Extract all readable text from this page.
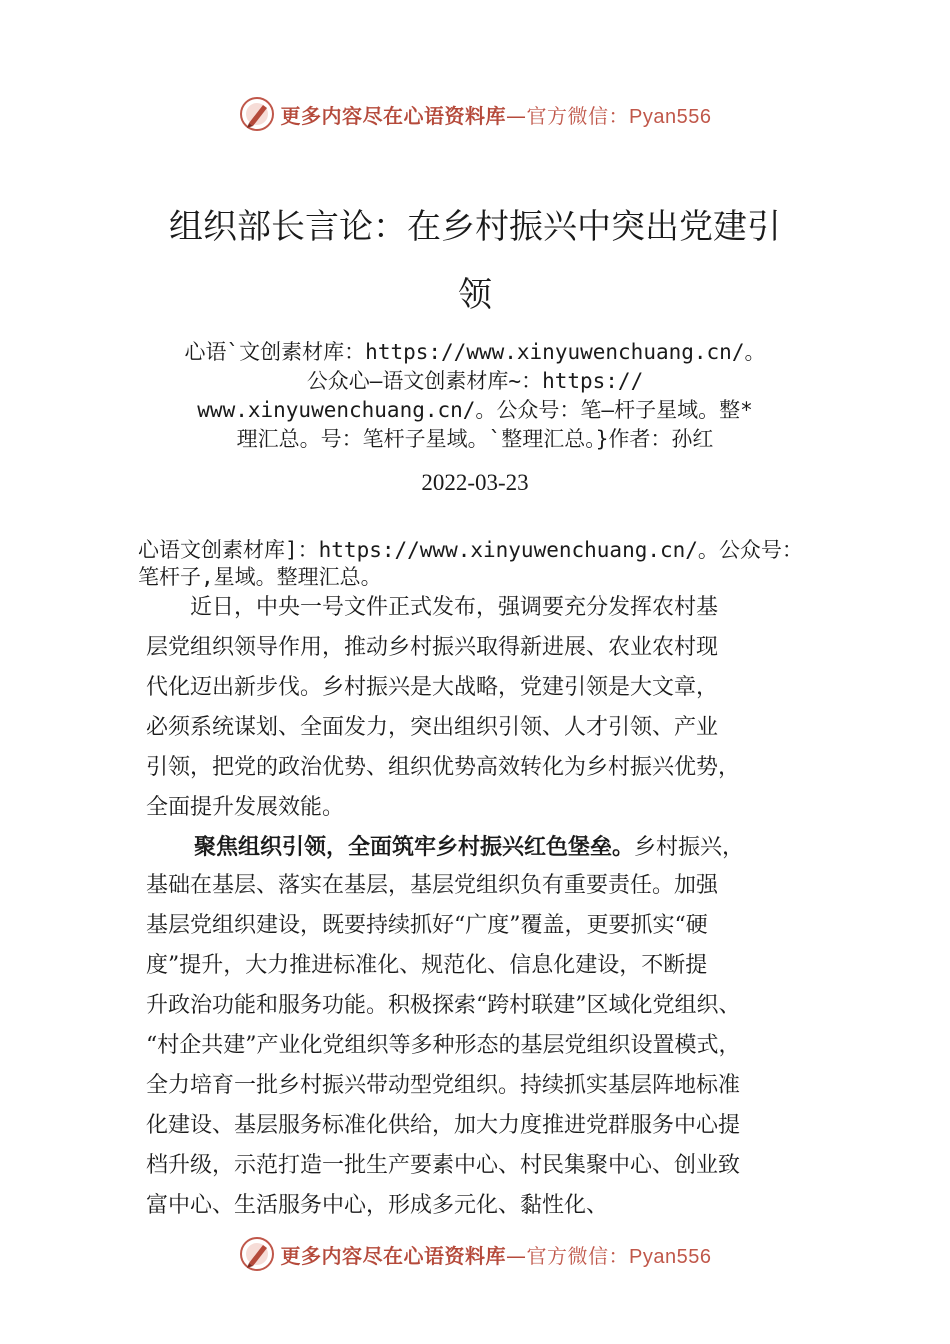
更多内容尽在心语资料库—官方微信：Pyan556
组织部长言论：在乡村振兴中突出党建引
领
心语`文创素材库：https://www.xinyuwenchuang.cn/。
公众心—语文创素材库~：https://
www.xinyuwenchuang.cn/。公众号：笔—杆子星域。整*
理汇总。号：笔杆子星域。`整理汇总。}作者：孙红
2022-03-23
心语文创素材库]：https://www.xinyuwenchuang.cn/。公众号：
笔杆子,星域。整理汇总。
　　近日，中央一号文件正式发布，强调要充分发挥农村基
层党组织领导作用，推动乡村振兴取得新进展、农业农村现
代化迈出新步伐。乡村振兴是大战略，党建引领是大文章，
必须系统谋划、全面发力，突出组织引领、人才引领、产业
引领，把党的政治优势、组织优势高效转化为乡村振兴优势，
全面提升发展效能。
聚焦组织引领，全面筑牢乡村振兴红色堡垒。乡村振兴，
基础在基层、落实在基层，基层党组织负有重要责任。加强
基层党组织建设，既要持续抓好“广度”覆盖，更要抓实“硬
度”提升，大力推进标准化、规范化、信息化建设，不断提
升政治功能和服务功能。积极探索“跨村联建”区域化党组织、
“村企共建”产业化党组织等多种形态的基层党组织设置模式，
全力培育一批乡村振兴带动型党组织。持续抓实基层阵地标准
化建设、基层服务标准化供给，加大力度推进党群服务中心提
档升级，示范打造一批生产要素中心、村民集聚中心、创业致
富中心、生活服务中心，形成多元化、黏性化、
更多内容尽在心语资料库—官方微信：Pyan556
